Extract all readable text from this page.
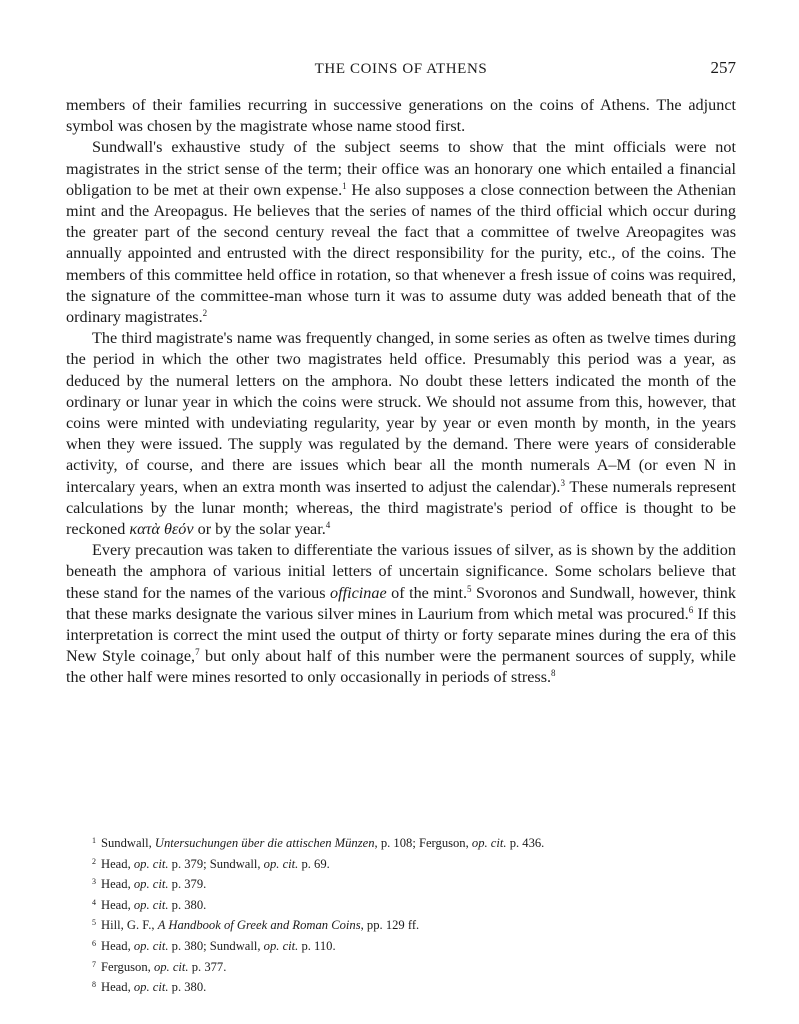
THE COINS OF ATHENS	257

members of their families recurring in successive generations on the coins of Athens. The adjunct symbol was chosen by the magistrate whose name stood first.

Sundwall's exhaustive study of the subject seems to show that the mint officials were not magistrates in the strict sense of the term; their office was an honorary one which entailed a financial obligation to be met at their own expense.$^1$ He also supposes a close connection between the Athenian mint and the Areopagus. He believes that the series of names of the third official which occur during the greater part of the second century reveal the fact that a committee of twelve Areopagites was annually appointed and entrusted with the direct responsibility for the purity, etc., of the coins. The members of this committee held office in rotation, so that whenever a fresh issue of coins was required, the signature of the committee-man whose turn it was to assume duty was added beneath that of the ordinary magistrates.$^2$

The third magistrate's name was frequently changed, in some series as often as twelve times during the period in which the other two magistrates held office. Presumably this period was a year, as deduced by the numeral letters on the amphora. No doubt these letters indicated the month of the ordinary or lunar year in which the coins were struck. We should not assume from this, however, that coins were minted with undeviating regularity, year by year or even month by month, in the years when they were issued. The supply was regulated by the demand. There were years of considerable activity, of course, and there are issues which bear all the month numerals A–M (or even N in intercalary years, when an extra month was inserted to adjust the calendar).$^3$ These numerals represent calculations by the lunar month; whereas, the third magistrate's period of office is thought to be reckoned κατὰ θεόν or by the solar year.$^4$

Every precaution was taken to differentiate the various issues of silver, as is shown by the addition beneath the amphora of various initial letters of uncertain significance. Some scholars believe that these stand for the names of the various officinae of the mint.$^5$ Svoronos and Sundwall, however, think that these marks designate the various silver mines in Laurium from which metal was procured.$^6$ If this interpretation is correct the mint used the output of thirty or forty separate mines during the era of this New Style coinage,$^7$ but only about half of this number were the permanent sources of supply, while the other half were mines resorted to only occasionally in periods of stress.$^8$

$^1$ Sundwall, Untersuchungen über die attischen Münzen, p. 108; Ferguson, op. cit. p. 436.
$^2$ Head, op. cit. p. 379; Sundwall, op. cit. p. 69.
$^3$ Head, op. cit. p. 379.
$^4$ Head, op. cit. p. 380.
$^5$ Hill, G. F., A Handbook of Greek and Roman Coins, pp. 129 ff.
$^6$ Head, op. cit. p. 380; Sundwall, op. cit. p. 110.
$^7$ Ferguson, op. cit. p. 377.
$^8$ Head, op. cit. p. 380.
